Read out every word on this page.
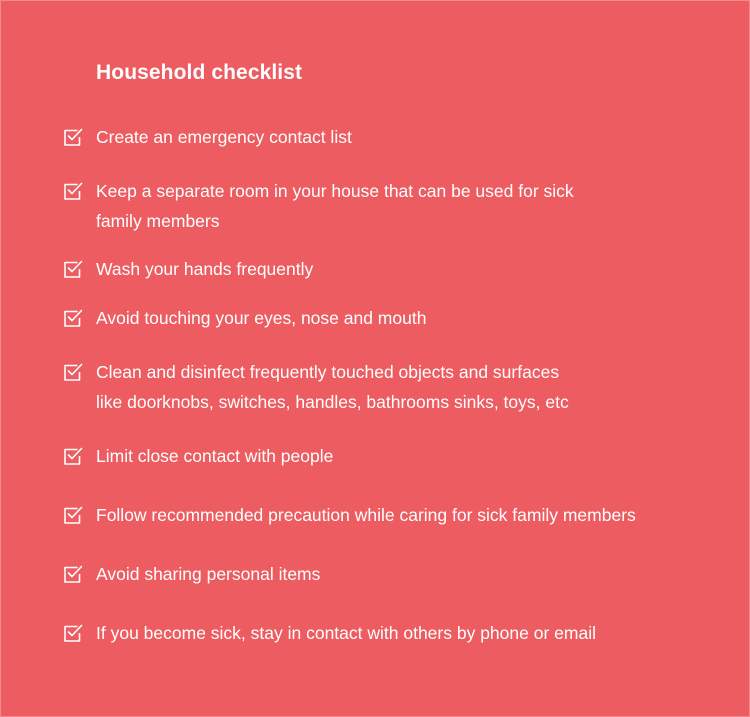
Household checklist
Create an emergency contact list
Keep a separate room in your house that can be used for sick
family members
Wash your hands frequently
Avoid touching your eyes, nose and mouth
Clean and disinfect frequently touched objects and surfaces
like doorknobs, switches, handles, bathrooms sinks, toys, etc
Limit close contact with people
Follow recommended precaution while caring for sick family members
Avoid sharing personal items
If you become sick, stay in contact with others by phone or email
